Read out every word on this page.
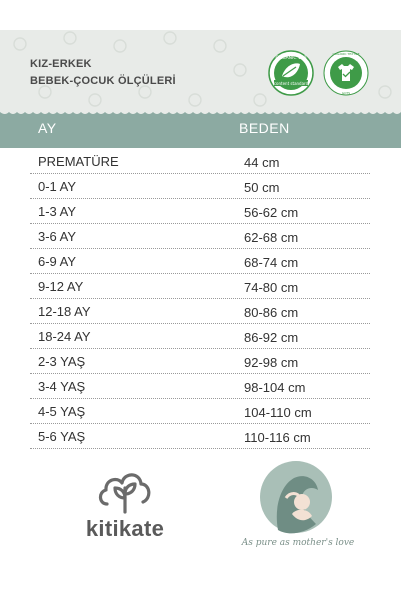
KIZ-ERKEK
BEBEK-ÇOCUK ÖLÇÜLERİ	content standard
ORGANIC 100
ORGANIC TEXTILE
GOTS
AY	BEDEN
PREMATÜRE	44 cm
0-1 AY	50 cm
1-3 AY	56-62 cm
3-6 AY	62-68 cm
6-9 AY	68-74 cm
9-12 AY	74-80 cm
12-18 AY	80-86 cm
18-24 AY	86-92 cm
2-3 YAŞ	92-98 cm
3-4 YAŞ	98-104 cm
4-5 YAŞ	104-110 cm
5-6 YAŞ	110-116 cm
kitikate
As pure as mother's love
